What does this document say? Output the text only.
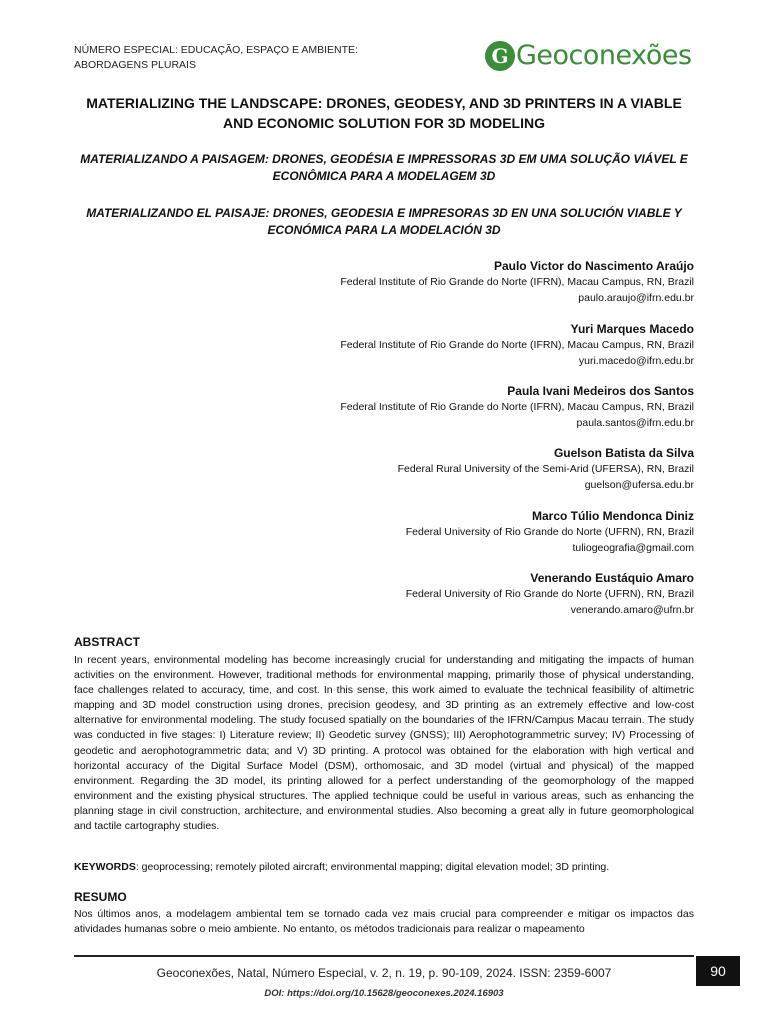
NÚMERO ESPECIAL: EDUCAÇÃO, ESPAÇO E AMBIENTE:
ABORDAGENS PLURAIS	G Geoconexões
MATERIALIZING THE LANDSCAPE: DRONES, GEODESY, AND 3D PRINTERS IN A VIABLE AND ECONOMIC SOLUTION FOR 3D MODELING
MATERIALIZANDO A PAISAGEM: DRONES, GEODÉSIA E IMPRESSORAS 3D EM UMA SOLUÇÃO VIÁVEL E ECONÔMICA PARA A MODELAGEM 3D
MATERIALIZANDO EL PAISAJE: DRONES, GEODESIA E IMPRESORAS 3D EN UNA SOLUCIÓN VIABLE Y ECONÓMICA PARA LA MODELACIÓN 3D
Paulo Victor do Nascimento Araújo
Federal Institute of Rio Grande do Norte (IFRN), Macau Campus, RN, Brazil
paulo.araujo@ifrn.edu.br
Yuri Marques Macedo
Federal Institute of Rio Grande do Norte (IFRN), Macau Campus, RN, Brazil
yuri.macedo@ifrn.edu.br
Paula Ivani Medeiros dos Santos
Federal Institute of Rio Grande do Norte (IFRN), Macau Campus, RN, Brazil
paula.santos@ifrn.edu.br
Guelson Batista da Silva
Federal Rural University of the Semi-Arid (UFERSA), RN, Brazil
guelson@ufersa.edu.br
Marco Túlio Mendonca Diniz
Federal University of Rio Grande do Norte (UFRN), RN, Brazil
tuliogeografia@gmail.com
Venerando Eustáquio Amaro
Federal University of Rio Grande do Norte (UFRN), RN, Brazil
venerando.amaro@ufrn.br
ABSTRACT
In recent years, environmental modeling has become increasingly crucial for understanding and mitigating the impacts of human activities on the environment. However, traditional methods for environmental mapping, primarily those of physical understanding, face challenges related to accuracy, time, and cost. In this sense, this work aimed to evaluate the technical feasibility of altimetric mapping and 3D model construction using drones, precision geodesy, and 3D printing as an extremely effective and low-cost alternative for environmental modeling. The study focused spatially on the boundaries of the IFRN/Campus Macau terrain. The study was conducted in five stages: I) Literature review; II) Geodetic survey (GNSS); III) Aerophotogrammetric survey; IV) Processing of geodetic and aerophotogrammetric data; and V) 3D printing. A protocol was obtained for the elaboration with high vertical and horizontal accuracy of the Digital Surface Model (DSM), orthomosaic, and 3D model (virtual and physical) of the mapped environment. Regarding the 3D model, its printing allowed for a perfect understanding of the geomorphology of the mapped environment and the existing physical structures. The applied technique could be useful in various areas, such as enhancing the planning stage in civil construction, architecture, and environmental studies. Also becoming a great ally in future geomorphological and tactile cartography studies.
KEYWORDS: geoprocessing; remotely piloted aircraft; environmental mapping; digital elevation model; 3D printing.
RESUMO
Nos últimos anos, a modelagem ambiental tem se tornado cada vez mais crucial para compreender e mitigar os impactos das atividades humanas sobre o meio ambiente. No entanto, os métodos tradicionais para realizar o mapeamento
Geoconexões, Natal, Número Especial, v. 2, n. 19, p. 90-109, 2024. ISSN: 2359-6007
DOI: https://doi.org/10.15628/geoconexes.2024.16903
90
